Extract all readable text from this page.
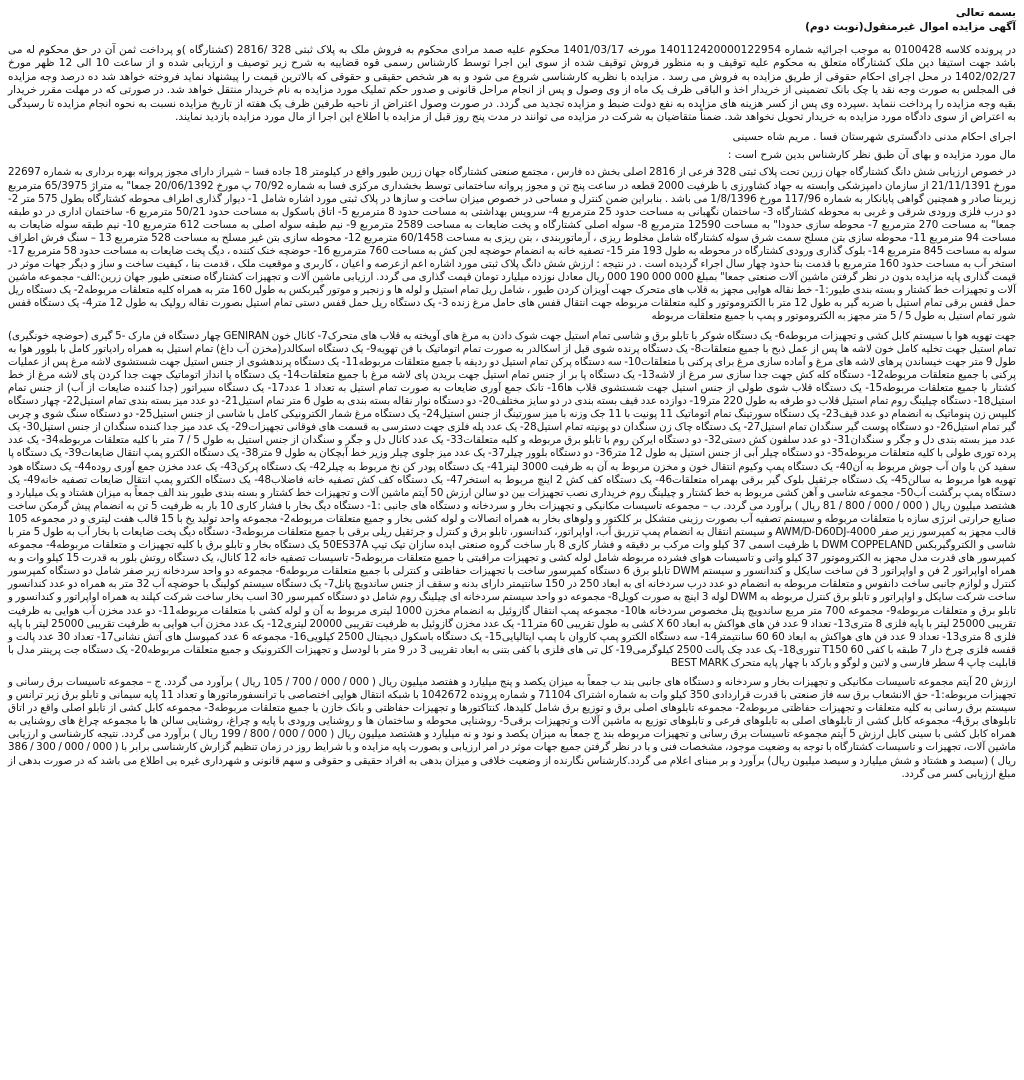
بسمه تعالی

آگهی مزایده اموال غیرمنقول(نوبت دوم)

در پرونده کلاسه 0100428 به موجب اجرائیه شماره 140112420000122954 مورخه 1401/03/17 محکوم علیه صمد مرادی محکوم به فروش ملک به پلاک ثبتی 328 /2816 (کشتارگاه )و پرداخت ثمن آن در حق محکوم له می باشد جهت استیفا دین ملک کشتارگاه متعلق به محکوم علیه توقیف و به منظور فروش توقیف شده از سوی این اجرا توسط کارشناس رسمی قوه قضاییه به شرح زیر توصیف و ارزیابی شده و از ساعت 10 الی 12 ظهر مورخ 1402/02/27 در محل اجرای احکام حقوقی از طریق مزایده به فروش می رسد . مزایده با نظریه کارشناسی شروع می شود و به هر شخص حقیقی و حقوقی که بالاترین قیمت را پیشنهاد نماید فروخته خواهد شد ده درصد وجه مزایده فی المجلس به صورت وجه نقد یا چک بانک تضمینی از خریدار اخذ و الباقی ظرف یک ماه از وی وصول و پس از انجام مراحل قانونی و صدور حکم تملیک مورد مزایده به نام خریدار منتقل خواهد شد. در صورتی که در مهلت مقرر خریدار بقیه وجه مزایده را پرداخت ننماید .سپرده وی پس از کسر هزینه های مزایده به نفع دولت ضبط و مزایده تجدید می گردد. در صورت وصول اعتراض از ناحیه طرفین ظرف یک هفته از تاریخ مزایده نسبت به نحوه انجام مزایده تا رسیدگی به اعتراض از سوی دادگاه مورد مزایده به خریدار تحویل نخواهد شد. ضمناً متقاضیان به شرکت در مزایده می توانند در مدت پنج روز قبل از مزایده با اطلاع این اجرا از مال مورد مزایده بازدید نمایند.

اجرای احکام مدنی دادگستری شهرستان فسا . مریم شاه حسینی

مال مورد مزایده و بهای آن طبق نظر کارشناس بدین شرح است :

در خصوص ارزیابی شش دانگ کشتارگاه جهان زرین تحت پلاک ثبتی 328 فرعی از 2816 اصلی بخش ده فارس ، مجتمع صنعتی کشتارگاه جهان زرین طیور واقع در کیلومتر 18 جاده فسا – شیراز دارای مجوز پروانه بهره برداری به شماره 22697 مورخ 21/11/1391 از سازمان دامپزشکی وابسته به جهاد کشاورزی با ظرفیت 2000 قطعه در ساعت پنج تن و مجوز پروانه ساختمانی توسط بخشداری مرکزی فسا به شماره 70/92 پ مورخ 20/06/1392 جمعا" به متراژ 65/3975 مترمربع زیربنا صادر و همچنین گواهی پایانکار به شماره 117/96 مورخ 1/8/1396 می باشد . بنابراین ضمن کنترل و مساحی در خصوص میزان ساخت و سازها در پلاک ثبتی مورد اشاره شامل 1- دیوار گذاری اطراف محوطه کشتارگاه بطول 575 متر 2- دو درب فلزی ورودی شرقی و غربی به محوطه کشتارگاه 3- ساختمان نگهبانی به مساحت حدود 25 مترمربع 4- سرویس بهداشتی به مساحت حدود 8 مترمربع 5- اتاق باسکول به مساحت حدود 50/21 مترمربع 6- ساختمان اداری در دو طبقه جمعا" به مساحت 270 مترمربع 7- محوطه سازی حدودا" به مساحت 12590 مترمربع 8- سوله اصلی کشتارگاه و پخت ضایعات به مساحت 2589 مترمربع 9- نیم طبقه سوله اصلی به مساحت 612 مترمربع 10- نیم طبقه سوله ضایعات به مساحت 94 مترمربع 11- محوطه سازی بتن مسلح سمت شرق سوله کشتارگاه شامل مخلوط ریزی ، آرماتوربندی ، بتن ریزی به مساحت 60/1458 مترمربع 12- محوطه سازی بتن غیر مسلح به مساحت 528 مترمربع 13 – سنگ فرش اطراف سوله به مساحت 845 مترمربع 14- بلوک گذاری ورودی کشتارگاه در محوطه به طول 193 متر 15- تصفیه خانه به انضمام حوضچه لجن کش به مساحت 760 مترمربع 16- حوضچه خنک کننده ، دیگ پخت ضایعات به مساحت حدود 58 مترمربع 17- استخر آب به مساحت حدود 160 مترمربع با قدمت بنا حدود چهار سال اجراء گردیده است . در نتیجه : ارزش شش دانگ پلاک ثبتی مورد اشاره اعم ازعرصه و اعیان ، کاربری و موقعیت ملک ، قدمت بنا ، کیفیت ساخت و ساز و دیگر جهات موثر در قیمت گذاری پایه مزایده بدون در نظر گرفتن ماشین آلات صنعتی جمعا" بمبلغ 000 000 190 000 ریال معادل نوزده میلیارد تومان قیمت گذاری می گردد. ارزیابی ماشین آلات و تجهیزات کشتارگاه صنعتی طیور جهان زرین:الف- مجموعه ماشین آلات و تجهیزات خط کشتار و بسته بندی طیور:1- خط نقاله هوایی مجهز به قلاب های متحرک جهت آویزان کردن طیور ، شامل ریل تمام استیل و لوله ها و زنجیر و موتور گیربکس به طول 160 متر به همراه کلیه متعلقات مربوطه2- یک دستگاه ریل حمل قفس برقی تمام استیل با ضربه گیر به طول 12 متر با الکتروموتور و کلیه متعلقات مربوطه جهت انتقال قفس های حامل مرغ زنده 3- یک دستگاه ریل حمل قفس دستی تمام استیل بصورت نقاله رولیک به طول 12 متر4- یک دستگاه قفس شور تمام استیل به طول 5 / 5 متر مجهز به الکتروموتور و پمپ با جمیع متعلقات مربوطه

جهت تهویه هوا با سیستم کابل کشی و تجهیزات مربوطه6- یک دستگاه شوکر با تابلو برق و شاسی تمام استیل جهت شوک دادن به مرغ های آویخته به قلاب های متحرک7- کانال خون GENIRAN چهار دستگاه فن مارک -5 گیری (حوضچه خونگیری) تمام استیل جهت تخلیه کامل خون لاشه ها پس از عمل ذبح با جمیع متعلقات8- یک دستگاه پرنده شوی قبل از اسکالدر به صورت تمام اتوماتیک با فن تهویه9- یک دستگاه اسکالدر(مخزن آب داغ) تمام استیل به همراه رادیاتور کامل با بلوور هوا به طول 9 متر جهت خیساندن پرهای لاشه های مرغ و آماده سازی مرغ برای پرکنی با متعلقات10- سه دستگاه پرکن تمام استیل دو ردیفه با جمیع متعلقات مربوطه11- یک دستگاه پرندهشوی از جنس استیل جهت شستشوی لاشه مرغ پس از عملیات پرکنی با جمیع متعلقات مربوطه12- دستگاه کله کش جهت جدا سازی سر مرغ از لاشه13- یک دستگاه پا بر از جنس تمام استیل جهت بریدن پای لاشه مرغ با جمیع متعلقات14- یک دستگاه پا انداز اتوماتیک جهت جدا کردن پای لاشه مرغ از خط کشتار با جمیع متعلقات مربوطه15- یک دستگاه قلاب شوی طولی از جنس استیل جهت شستشوی قلاب ها16- تانک جمع آوری ضایعات به صورت تمام استیل به تعداد 1 عدد17- یک دستگاه سیراتور (جدا کننده ضایعات از آب) از جنس تمام استیل18- دستگاه چیلینگ روم تمام استیل قلاب دو طرفه به طول 220 متر19- دوازده عدد قیف بسته بندی در دو سایز مختلف20- دو دستگاه نوار نقاله بسته بندی به طول 6 متر تمام استیل21- دو عدد میز بسته بندی تمام استیل22- چهار دستگاه کلیپس زن پنوماتیک به انضمام دو عدد قیف23- یک دستگاه سورتینگ تمام اتوماتیک 11 پونیت با 11 جک وزنه با میز سورتینگ از جنس استیل24- یک دستگاه مرغ شمار الکترونیکی کامل با شاسی از جنس استیل25- دو دستگاه سنگ شوی و چربی گیر تمام استیل26- دو دستگاه پوست گیر سنگدان تمام استیل27- یک دستگاه چاک زن سنگدان دو یونیته تمام استیل28- یک عدد پله فلزی جهت دسترسی به قسمت های فوقانی تجهیزات29- یک عدد میز جدا کننده سنگدان از جنس استیل30- یک عدد میز بسته بندی دل و جگر و سنگدان31- دو عدد سلفون کش دستی32- دو دستگاه ایرکن روم با تابلو برق مربوطه و کلیه متعلقات33- یک عدد کانال دل و جگر و سنگدان از جنس استیل به طول 5 / 7 متر با کلیه متعلقات مربوطه34- یک عدد پرده توری طولی با کلیه متعلقات مربوطه35- دو دستگاه چیلر آبی از جنس استیل به طول 12 متر36- دو دستگاه بلوور چیلر37- یک عدد میز جلوی چیلر وزیر خط آبچکان به طول 9 متر38- یک دستگاه الکترو پمپ انتقال ضایعات39- یک دستگاه پا سفید کن با وان آب جوش مربوط به آن40- یک دستگاه پمپ وکیوم انتقال خون و مخزن مربوط به آن به ظرفیت 3000 لیتر41- یک دستگاه پودر کن نخ مربوط به چیلر42- یک دستگاه پرکن43- یک عدد مخزن جمع آوری روده44- یک دستگاه هود تهویه هوا مربوط به سالن45- یک دستگاه جرثقیل بلوک گیر برقی بهمراه متعلقات46- یک دستگاه کف کش 2 اینچ مربوط به استخر47- یک دستگاه کف کش تصفیه خانه فاضلاب48- یک دستگاه الکترو پمپ انتقال ضایعات تصفیه خانه49- یک دستگاه پمپ برگشت آب50- مجموعه شاسی و آهن کشی مربوط به خط کشتار و چیلینگ روم خریداری نصب تجهیزات بین دو سالن ارزش 50 آیتم ماشین آلات و تجهیزات خط کشتار و بسته بندی طیور بند الف جمعاً به میزان هشتاد و یک میلیارد و هشتصد میلیون ریال ( 000 / 000 / 800 / 81 ریال ) برآورد می گردد. ب – مجموعه تاسیسات مکانیکی و تجهیزات بخار و سردخانه و دستگاه های جانبی :1- دستگاه دیگ بخار با فشار کاری 10 بار به ظرفیت 5 تن به انضمام پیش گرمکن ساخت صنایع حرارتی انرژی سازه با متعلقات مربوطه و سیستم تصفیه آب بصورت رزینی متشکل بر کلکتور و ولوهای بخار به همراه اتصالات و لوله کشی بخار و جمیع متعلقات مربوطه2- مجموعه واحد تولید یخ با 15 قالب هفت لیتری و در مجموعه 105 قالب مجهز به کمپرسور زیر صفر 4000-AWM/D-D60DJ و سیستم انتقال به انضمام پمپ تزریق آب، اواپراتور، کندانسور، تابلو برق و کنترل و جرثقیل ریلی برقی با جمیع متعلقات مربوطه3- دستگاه دیگ پخت ضایعات با بخار آب به طول 5 متر با شاسی و الکتروگیربکس DWM COPPELAND با ظرفیت اسمی 37 کیلو وات مرکب بر دقیقه و فشار کاری 8 بار ساخت گروه صنعتی ایده سازان تیک تیپ 50ES37A یک دستگاه بخار و تابلو برق با کلیه تجهیزات و متعلقات مربوطه4- مجموعه کمپرسور های قدرت مدل مجهز به الکتروموتور 37 کیلو واتی و تاسیسات هوای فشرده مربوطه شامل لوله کشی و تجهیزات مراقبتی با جمیع متعلقات مربوطه5- تاسیسات تصفیه خانه 12 کانال، یک دستگاه روتش بلور به قدرت 15 کیلو وات و به همراه اواپراتور 2 فن و اواپراتور 3 فن ساخت سایکل و کندانسور و سیستم DWM تابلو برق 6 دستگاه کمپرسور ساخت با تجهیزات حفاظتی و کنترلی با جمیع متعلقات مربوطه6- مجموعه دو واحد سردخانه زیر صفر شامل دو دستگاه کمپرسور کنترل و لوازم جانبی ساخت دانفوس و متعلقات مربوطه به انضمام دو عدد درب سردخانه ای به ابعاد 250 در 150 سانتیمتر دارای بدنه و سقف از جنس ساندویچ پانل7- یک دستگاه سیستم کولینگ با حوضچه آب 32 متر به همراه دو عدد کندانسور ساخت شرکت سایکل و اواپراتور و تابلو برق کنترل مربوطه به DWM لوله 3 اینچ به صورت کویل8- مجموعه دو واحد سیستم سردخانه ای چیلینگ روم شامل دو دستگاه کمپرسور 30 اسب بخار ساخت شرکت کپلند به همراه اواپراتور و کندانسور و تابلو برق و متعلقات مربوطه9- مجموعه 700 متر مربع ساندویچ پنل مخصوص سردخانه ها10- مجموعه پمپ انتقال گازوئیل به انضمام مخزن 1000 لیتری مربوط به آن و لوله کشی با متعلقات مربوطه11- دو عدد مخزن آب هوایی به ظرفیت تقریبی 25000 لیتر با پایه فلزی 8 متری13- تعداد 9 عدد فن های هواکش به ابعاد 60 X کشی به طول تقریبی 60 متر11- یک عدد مخزن گازوئیل به ظرفیت تقریبی 20000 لیتری12- یک عدد مخزن آب هوایی به ظرفیت تقریبی 25000 لیتر با پایه فلزی 8 متری13- تعداد 9 عدد فن های هواکش به ابعاد 60 60 سانتیمتر14- سه دستگاه الکترو پمپ کاروان با پمپ ایتالیایی15- یک دستگاه باسکول دیجیتال 2500 کیلویی16- مجموعه 6 عدد کمپوسل های آتش نشانی17- تعداد 30 عدد پالت و قفسه فلزی چرخ دار 7 طبقه با کفی 60 T150 تنوری18- یک عدد چک پالت 2500 کیلوگرمی19- کل تی های فلزی با کفی بتنی به ابعاد تقریبی 3 در 9 متر با لودسل و تجهیزات الکترونیک و جمیع متعلقات مربوطه20- یک دستگاه جت پرینتر مدل با قابلیت چاپ 4 سطر فارسی و لاتین و لوگو و بارکد با چهار پایه متحرک BEST MARK

ارزش 20 آیتم مجموعه تاسیسات مکانیکی و تجهیزات بخار و سردخانه و دستگاه های جانبی بند ب جمعاً به میزان یکصد و پنج میلیارد و هفتصد میلیون ریال ( 000 / 000 / 700 / 105 ریال ) برآورد می گردد. ج – مجموعه تاسیسات برق رسانی و تجهیزات مربوطه:1- حق الانشعاب برق سه فاز صنعتی با قدرت قراردادی 350 کیلو وات به شماره اشتراک 71104 و شماره پرونده 1042672 با شبکه انتقال هوایی اختصاصی با ترانسفورماتورها و تعداد 11 پایه سیمانی و تابلو برق زیر ترانس و سیستم برق رسانی به کلیه متعلقات و تجهیزات حفاظتی مربوطه2- مجموعه تابلوهای اصلی برق و توزیع برق شامل کلیدها، کنتاکتورها و تجهیزات حفاظتی و بانک خازن با جمیع متعلقات مربوطه3- مجموعه کابل کشی از تابلو اصلی واقع در اتاق تابلوهای برق4- مجموعه کابل کشی از تابلوهای اصلی به تابلوهای فرعی و تابلوهای توزیع به ماشین آلات و تجهیزات برقی5- روشنایی محوطه و ساختمان ها و روشنایی ورودی با پایه و چراغ، روشنایی سالن ها با مجموعه چراغ های روشنایی به همراه کابل کشی با سینی کابل ارزش 5 آیتم مجموعه تاسیسات برق رسانی و تجهیزات مربوطه بند ج جمعاً به میزان یکصد و نود و نه میلیارد و هشتصد میلیون ریال ( 000 / 000 / 800 / 199 ریال ) برآورد می گردد. نتیجه کارشناسی و ارزیابی ماشین آلات، تجهیزات و تاسیسات کشتارگاه با توجه به وضعیت موجود، مشخصات فنی و با در نظر گرفتن جمیع جهات موثر در امر ارزیابی و بصورت پایه مزایده و با شرایط روز در زمان تنظیم گزارش کارشناسی برابر با ( 000 / 000 / 300 / 386 ریال ) (سیصد و هشتاد و شش میلیارد و سیصد میلیون ریال) برآورد و بر مبنای اعلام می گردد.کارشناس نگارنده از وضعیت خلافی و میزان بدهی به افراد حقیقی و حقوقی و سهم قانونی و شهرداری غیره بی اطلاع می باشد که در صورت بدهی از مبلغ ارزیابی کسر می گردد.
